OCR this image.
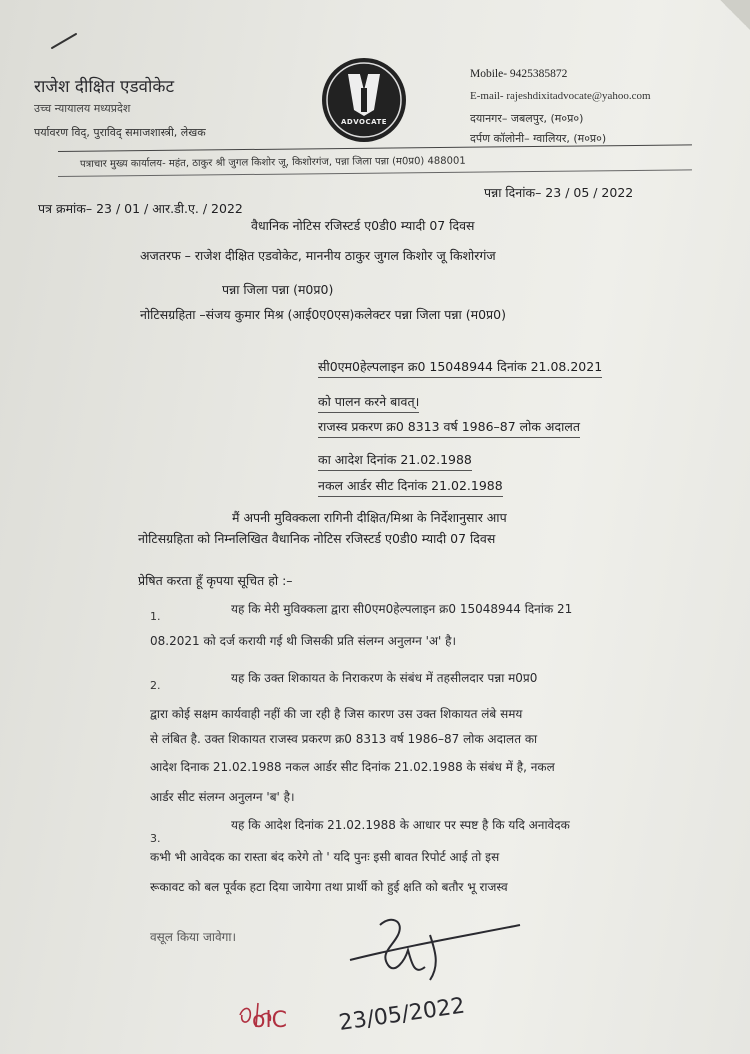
राजेश दीक्षित एडवोकेट
उच्च न्यायालय मध्यप्रदेश
पर्यावरण विद्, पुराविद् समाजशास्त्री, लेखक
ADVOCATE
Mobile- 9425385872
E-mail- rajeshdixitadvocate@yahoo.com
दयानगर– जबलपुर, (म०प्र०)
दर्पण कॉलोनी– ग्वालियर, (म०प्र०)
पत्राचार मुख्य कार्यालय- महंत, ठाकुर श्री जुगल किशोर जू, किशोरगंज, पन्ना जिला पन्ना (म0प्र0) 488001
पन्ना दिनांक– 23 / 05 / 2022
पत्र क्रमांक– 23 / 01 / आर.डी.ए. / 2022
वैधानिक नोटिस रजिस्टर्ड ए0डी0 म्यादी 07 दिवस
अजतरफ – राजेश दीक्षित एडवोकेट, माननीय ठाकुर जुगल किशोर जू किशोरगंज
पन्ना जिला पन्ना (म0प्र0)
नोटिसग्रहिता –संजय कुमार मिश्र (आई0ए0एस)कलेक्टर पन्ना जिला पन्ना (म0प्र0)
सी0एम0हेल्पलाइन क्र0 15048944 दिनांक 21.08.2021
को पालन करने बावत्।
राजस्व प्रकरण क्र0 8313 वर्ष 1986–87 लोक अदालत
का आदेश दिनांक 21.02.1988
नकल आर्डर सीट दिनांक 21.02.1988
मैं अपनी मुविक्कला रागिनी दीक्षित/मिश्रा के निर्देशानुसार आप
नोटिसग्रहिता को निम्नलिखित वैधानिक नोटिस रजिस्टर्ड ए0डी0 म्यादी 07 दिवस
प्रेषित करता हूँ कृपया सूचित हो :–
1.
यह कि मेरी मुविक्कला द्वारा सी0एम0हेल्पलाइन क्र0 15048944 दिनांक 21
08.2021 को दर्ज करायी गई थी जिसकी प्रति संलग्न अनुलग्न 'अ' है।
2.
यह कि उक्त शिकायत के निराकरण के संबंध में तहसीलदार पन्ना म0प्र0
द्वारा कोई सक्षम कार्यवाही नहीं की जा रही है जिस कारण उस उक्त शिकायत लंबे समय
से लंबित है. उक्त शिकायत राजस्व प्रकरण क्र0 8313 वर्ष 1986–87 लोक अदालत का
आदेश दिनाक 21.02.1988 नकल आर्डर सीट दिनांक 21.02.1988 के संबंध में है, नकल
आर्डर सीट संलग्न अनुलग्न 'ब' है।
3.
यह कि आदेश दिनांक 21.02.1988 के आधार पर स्पष्ट है कि यदि अनावेदक
कभी भी आवेदक का रास्ता बंद करेगे तो ' यदि पुनः इसी बावत रिपोर्ट आई तो इस
रूकावट को बल पूर्वक हटा दिया जायेगा तथा प्रार्थी को हुई क्षति को बतौर भू राजस्व
वसूल किया जावेगा।
olC 23/05/2022
